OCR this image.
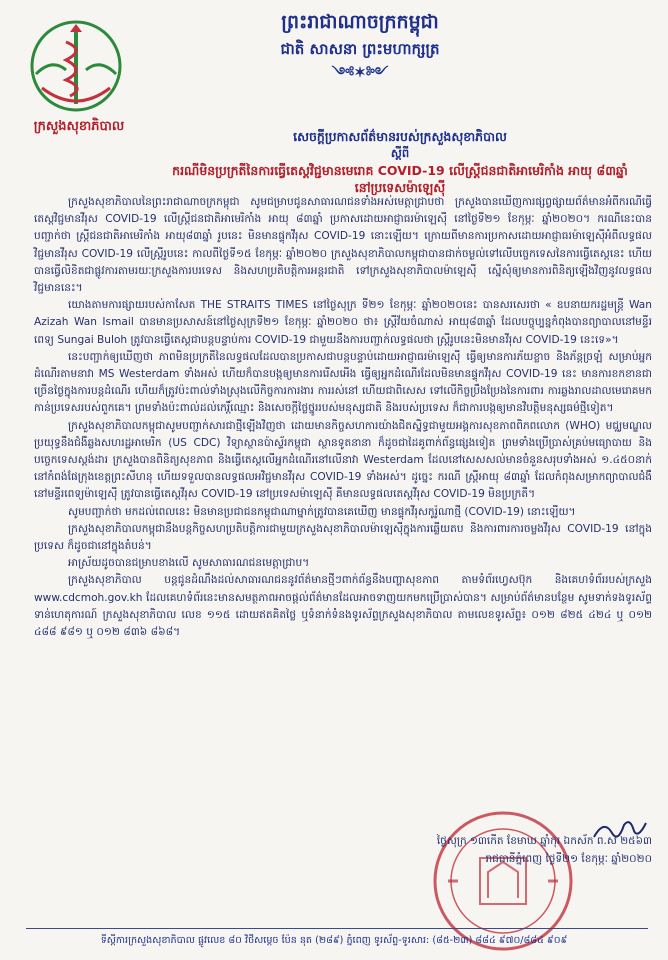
ក្រសួងសុខាភិបាល
ព្រះរាជាណាចក្រកម្ពុជា
ជាតិ សាសនា ព្រះមហាក្សត្រ
༺✶༻
សេចក្តីប្រកាសព័ត៌មានរបស់ក្រសួងសុខាភិបាល
ស្តីពី
ករណីមិនប្រក្រតីនៃការធ្វើតេស្តវិជ្ជមានមេរោគ COVID-19 លើស្ត្រីជនជាតិអាមេរិកាំង អាយុ ៨៣ឆ្នាំ
នៅប្រទេសម៉ាឡេស៊ី

ក្រសួងសុខាភិបាលនៃព្រះរាជាណាចក្រកម្ពុជា សូមជម្រាបជូនសាធារណជនទាំងអស់មេត្តាជ្រាបថា ក្រសួងបានឃើញការផ្សព្វផ្សាយព័ត៌មានអំពីករណីធ្វើតេស្តវិជ្ជមានវីរុស COVID-19 លើស្ត្រីជនជាតិអាមេរិកាំង អាយុ ៨៣ឆ្នាំ ប្រកាសដោយអាជ្ញាធរម៉ាឡេស៊ី នៅថ្ងៃទី២១ ខែកុម្ភៈ ឆ្នាំ២០២០។ ករណីនេះបានបញ្ជាក់ថា ស្ត្រីជនជាតិអាមេរិកាំង អាយុ៨៣ឆ្នាំ រូបនេះ មិនមានផ្ទុកវីរុស COVID-19 នោះឡើយ។ ក្រោយពីមានការប្រកាសដោយអាជ្ញាធរម៉ាឡេស៊ីអំពីលទ្ធផលវិជ្ជមានវីរុស COVID-19 លើស្ត្រីរូបនេះ កាលពីថ្ងៃទី១៥ ខែកុម្ភៈ ឆ្នាំ២០២០ ក្រសួងសុខាភិបាលកម្ពុជាបានជាក់ចម្ងល់ទៅលើបច្ចេកទេសនៃការធ្វើតេស្តនេះ ហើយបានធ្វើលិខិតជាផ្លូវការតាមរយៈក្រសួងការបរទេស និងសហប្រតិបត្តិការអន្តរជាតិ ទៅក្រសួងសុខាភិបាលម៉ាឡេស៊ី ស្នើសុំឲ្យមានការពិនិត្យឡើងវិញនូវលទ្ធផលវិជ្ជមាននេះ។

យោងតាមការផ្សាយរបស់កាសែត THE STRAITS TIMES នៅថ្ងៃសុក្រ ទី២១ ខែកុម្ភៈ ឆ្នាំ២០២០នេះ បានសរសេរថា « ឧបនាយករដ្ឋមន្ត្រី Wan Azizah Wan Ismail បានមានប្រសាសន៍នៅថ្ងៃសុក្រទី២១ ខែកុម្ភៈ ឆ្នាំ២០២០ ថា៖ ស្ត្រីវ័យចំណាស់ អាយុ៨៣ឆ្នាំ ដែលបច្ចុប្បន្នកំពុងបានព្យាបាលនៅមន្ទីរពេទ្យ Sungai Buloh ត្រូវបានធ្វើតេស្តជាបន្តបន្ទាប់ការ COVID-19 ជាមួយនឹងការបញ្ជាក់លទ្ធផលថា ស្ត្រីរូបនេះមិនមានវីរុស COVID-19 នេះទេ»។

នេះបញ្ជាក់ឲ្យឃើញថា ភាពមិនប្រក្រតីនៃលទ្ធផលដែលបានប្រកាសជាបន្តបន្ទាប់ដោយអាជ្ញាធរម៉ាឡេស៊ី ធ្វើឲ្យមានការភ័យខ្លាច និងភ័ន្តច្រឡំ សម្រាប់អ្នកដំណើរតាមនាវា MS Westerdam ទាំងអស់ ហើយក៏បានបង្កឲ្យមានការរើសអើង ធ្វើឲ្យអ្នកដំណើរដែលមិនមានផ្ទុកវីរុស COVID-19 នេះ មានការខកខានជាច្រើនថ្ងៃក្នុងការបន្តដំណើរ ហើយក៏ត្រូវប៉ះពាល់ទាំងស្រុងលើកិច្ចការការងារ ការរស់នៅ ហើយជាពិសេស ទៅលើកិច្ចប្រឹងប្រែងនៃការពារ ការឆ្លងរាលដាលមេរោគមកកាន់ប្រទេសរបស់ពួកគេ។ ព្រមទាំងប៉ះពាល់ដល់កេរ្តិ៍ឈ្មោះ និងសេចក្តីថ្លៃថ្នូររបស់មនុស្សជាតិ និងរបស់ប្រទេស ក៏ជាការបង្កឲ្យមានវិបត្តិមនុស្សធម៌ថ្មីទៀត។

ក្រសួងសុខាភិបាលកម្ពុជាសូមបញ្ជាក់សារជាថ្មីឡើងវិញថា ដោយមានកិច្ចសហការយ៉ាងជិតស្និទ្ធជាមួយអង្គការសុខភាពពិភពលោក (WHO) មជ្ឈមណ្ឌលប្រយុទ្ធនឹងជំងឺឆ្លងសហរដ្ឋអាមេរិក (US CDC) វិទ្យាស្ថានប៉ាស្ទ័រកម្ពុជា ស្ថានទូតនានា ក៏ដូចជាដៃគូពាក់ព័ន្ធផ្សេងទៀត ព្រមទាំងប្រើប្រាស់គ្រប់មធ្យោបាយ និងបច្ចេកទេសស្តង់ដារ ក្រសួងបានពិនិត្យសុខភាព និងធ្វើតេស្តលើអ្នកដំណើរនៅលើនាវា Westerdam ដែលនៅសេសសល់មានចំនួនសរុបទាំងអស់ ១.៤៥០នាក់ នៅកំពង់ផែក្រុងខេត្តព្រះសីហនុ ហើយទទួលបានលទ្ធផលអវិជ្ជមានវីរុស COVID-19 ទាំងអស់។ ដូច្នេះ ករណី ស្ត្រីអាយុ ៨៣ឆ្នាំ ដែលកំពុងសម្រាកព្យាបាលជំងឺនៅមន្ទីរពេទ្យម៉ាឡេស៊ី ត្រូវបានធ្វើតេស្តវីរុស COVID-19 នៅប្រទេសម៉ាឡេស៊ី គឺមានលទ្ធផលតេស្តវីរុស COVID-19 មិនប្រក្រតី។

សូមបញ្ជាក់ថា មកដល់ពេលនេះ មិនមានប្រជាជនកម្ពុជាណាម្នាក់ត្រូវបានគេឃើញ មានផ្ទុកវីរុសកូរ៉ូណាថ្មី (COVID-19) នោះឡើយ។

ក្រសួងសុខាភិបាលកម្ពុជានឹងបន្តកិច្ចសហប្រតិបត្តិការជាមួយក្រសួងសុខាភិបាលម៉ាឡេស៊ីក្នុងការឆ្លើយតប និងការពារការចម្លងវីរុស COVID-19 នៅក្នុងប្រទេស ក៏ដូចជានៅក្នុងតំបន់។

អាស្រ័យដូចបានជម្រាបខាងលើ សូមសាធារណជនមេត្តាជ្រាប។

ក្រសួងសុខាភិបាល បន្តជូនដំណឹងដល់សាធារណជននូវព័ត៌មានថ្មីៗពាក់ព័ន្ធនឹងបញ្ហាសុខភាព តាមទំព័រហ្វេសប៊ុក និងគេហទំព័ររបស់ក្រសួង www.cdcmoh.gov.kh ដែលគេហទំព័រនេះមានសមត្ថភាពអាចផ្តល់ព័ត៌មានដែលអាចទាញយកមកប្រើប្រាស់បាន។ សម្រាប់ព័ត៌មានបន្ថែម សូមទាក់ទងទូរស័ព្ទទាន់ហេតុការណ៍ ក្រសួងសុខាភិបាល លេខ ១១៥ ដោយឥតគិតថ្លៃ ឬទំនាក់ទំនងទូរស័ព្ទក្រសួងសុខាភិបាល តាមលេខទូរស័ព្ទ៖ ០១២ ៨២៥ ៤២៤ ឬ ០១២ ៤៨៨ ៩៨១ ឬ ០១២ ៨៣៦ ៨៦៨។

ថ្ងៃសុក្រ ១៣កើត ខែមាឃ ឆ្នាំកុរ ឯកស័ក ព.ស ២៥៦៣
រាជធានីភ្នំពេញ ថ្ងៃទី២១ ខែកុម្ភៈ ឆ្នាំ២០២០
ទីស្តីការក្រសួងសុខាភិបាល ផ្លូវលេខ ៨០ វិថីសម្តេច ប៉ែន នុត (២៨៩) ភ្នំពេញ ទូរស័ព្ទ-ទូរសារ: (៨៥-២៣) ៨៨៤ ៩៧០/៨៨៤ ៩០៩
